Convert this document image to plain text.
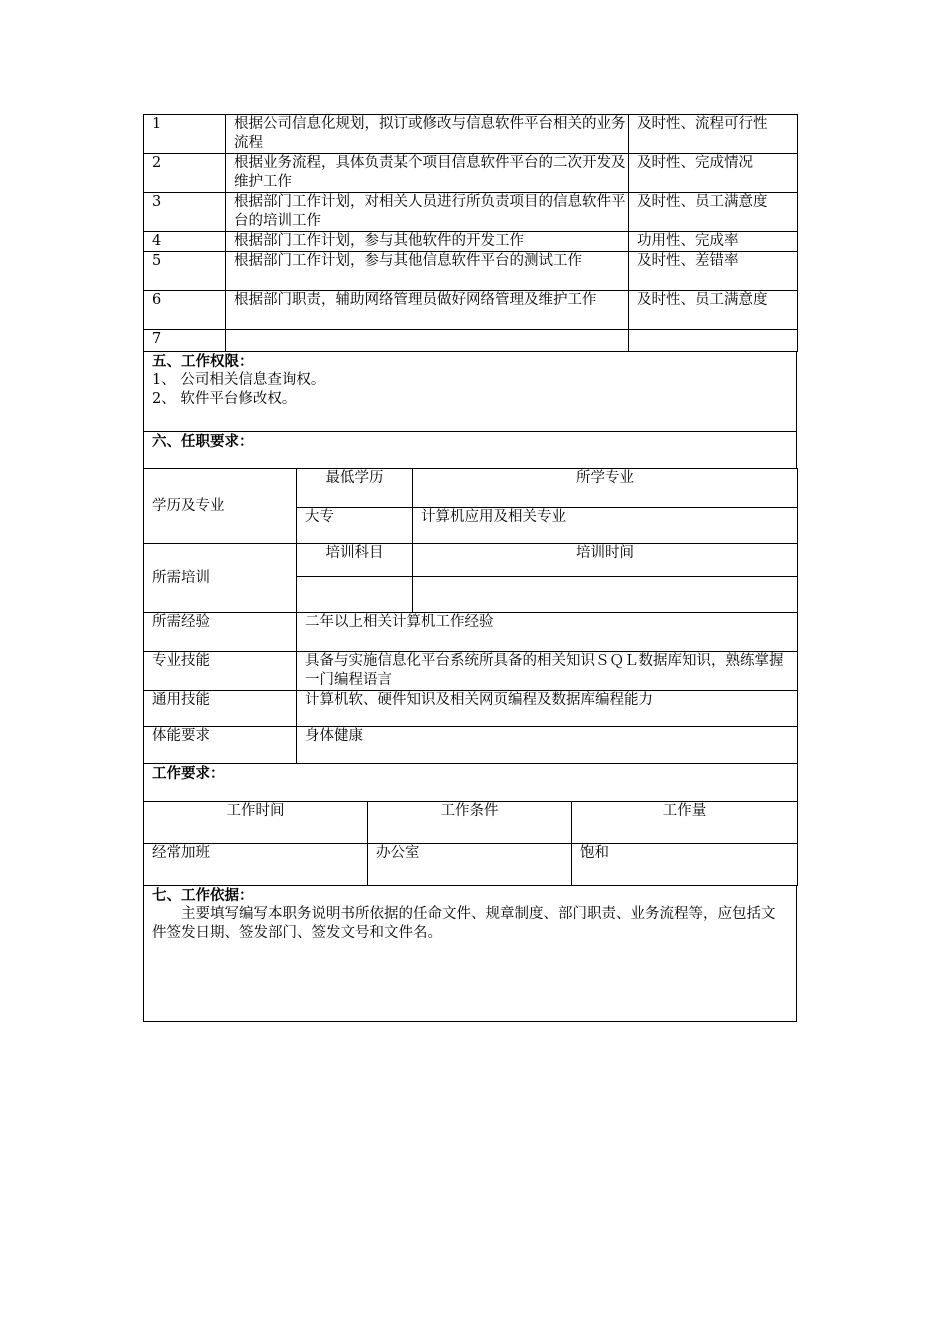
1	根据公司信息化规划，拟订或修改与信息软件平台相关的业务流程	及时性、流程可行性
2	根据业务流程，具体负责某个项目信息软件平台的二次开发及维护工作	及时性、完成情况
3	根据部门工作计划，对相关人员进行所负责项目的信息软件平台的培训工作	及时性、员工满意度
4	根据部门工作计划，参与其他软件的开发工作	功用性、完成率
5	根据部门工作计划，参与其他信息软件平台的测试工作	及时性、差错率
6	根据部门职责，辅助网络管理员做好网络管理及维护工作	及时性、员工满意度
7		
五、工作权限：
1、 公司相关信息查询权。
2、 软件平台修改权。

六、任职要求：
学历及专业	最低学历	所学专业
	大专	计算机应用及相关专业
所需培训	培训科目	培训时间

所需经验	二年以上相关计算机工作经验	
专业技能	具备与实施信息化平台系统所具备的相关知识ＳＱＬ数据库知识，熟练掌握一门编程语言	
通用技能	计算机软、硬件知识及相关网页编程及数据库编程能力	
体能要求	身体健康	
工作要求：		
工作时间	工作条件	工作量
经常加班	办公室	饱和
七、工作依据：
主要填写编写本职务说明书所依据的任命文件、规章制度、部门职责、业务流程等，应包括文件签发日期、签发部门、签发文号和文件名。
